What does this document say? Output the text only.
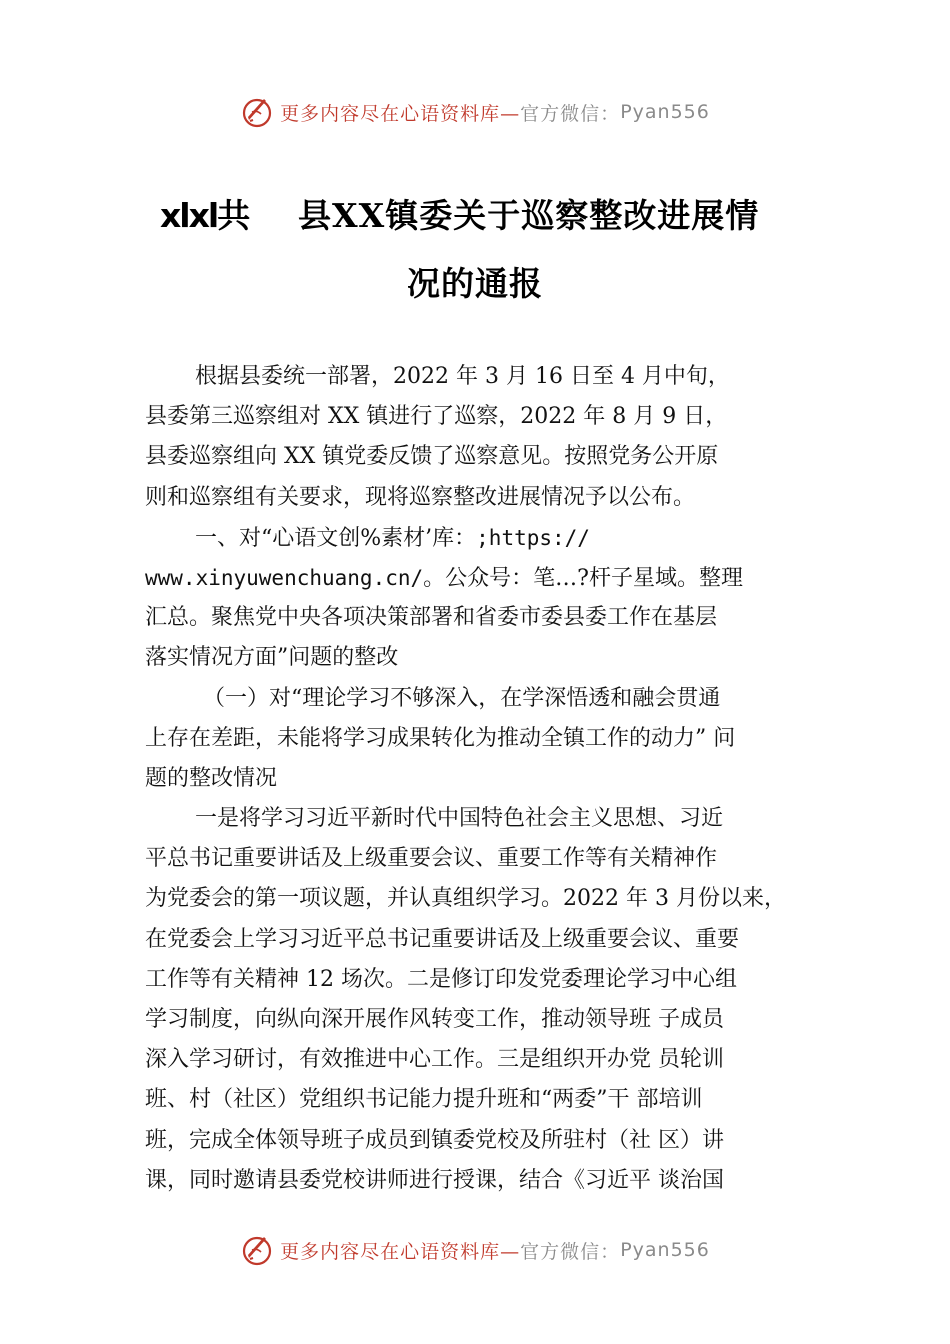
更多内容尽在心语资料库— 官方微信： Pyan556
xlxl共 县XX镇委关于巡察整改进展情
况的通报
根据县委统一部署，2022 年 3 月 16 日至 4 月中旬，
县委第三巡察组对 XX 镇进行了巡察，2022 年 8 月 9 日，
县委巡察组向 XX 镇党委反馈了巡察意见。按照党务公开原
则和巡察组有关要求，现将巡察整改进展情况予以公布。
一、对“心语文创%素材’库：;https://
www.xinyuwenchuang.cn/。公众号：笔…?杆子星域。整理
汇总。聚焦党中央各项决策部署和省委市委县委工作在基层
落实情况方面”问题的整改
（一）对“理论学习不够深入，在学深悟透和融会贯通
上存在差距，未能将学习成果转化为推动全镇工作的动力” 问
题的整改情况
一是将学习习近平新时代中国特色社会主义思想、习近
平总书记重要讲话及上级重要会议、重要工作等有关精神作
为党委会的第一项议题，并认真组织学习。2022 年 3 月份以来，
在党委会上学习习近平总书记重要讲话及上级重要会议、重要
工作等有关精神 12 场次。二是修订印发党委理论学习中心组
学习制度，向纵向深开展作风转变工作，推动领导班 子成员
深入学习研讨，有效推进中心工作。三是组织开办党 员轮训
班、村（社区）党组织书记能力提升班和“两委”干 部培训
班，完成全体领导班子成员到镇委党校及所驻村（社 区）讲
课，同时邀请县委党校讲师进行授课，结合《习近平 谈治国
更多内容尽在心语资料库— 官方微信： Pyan556
